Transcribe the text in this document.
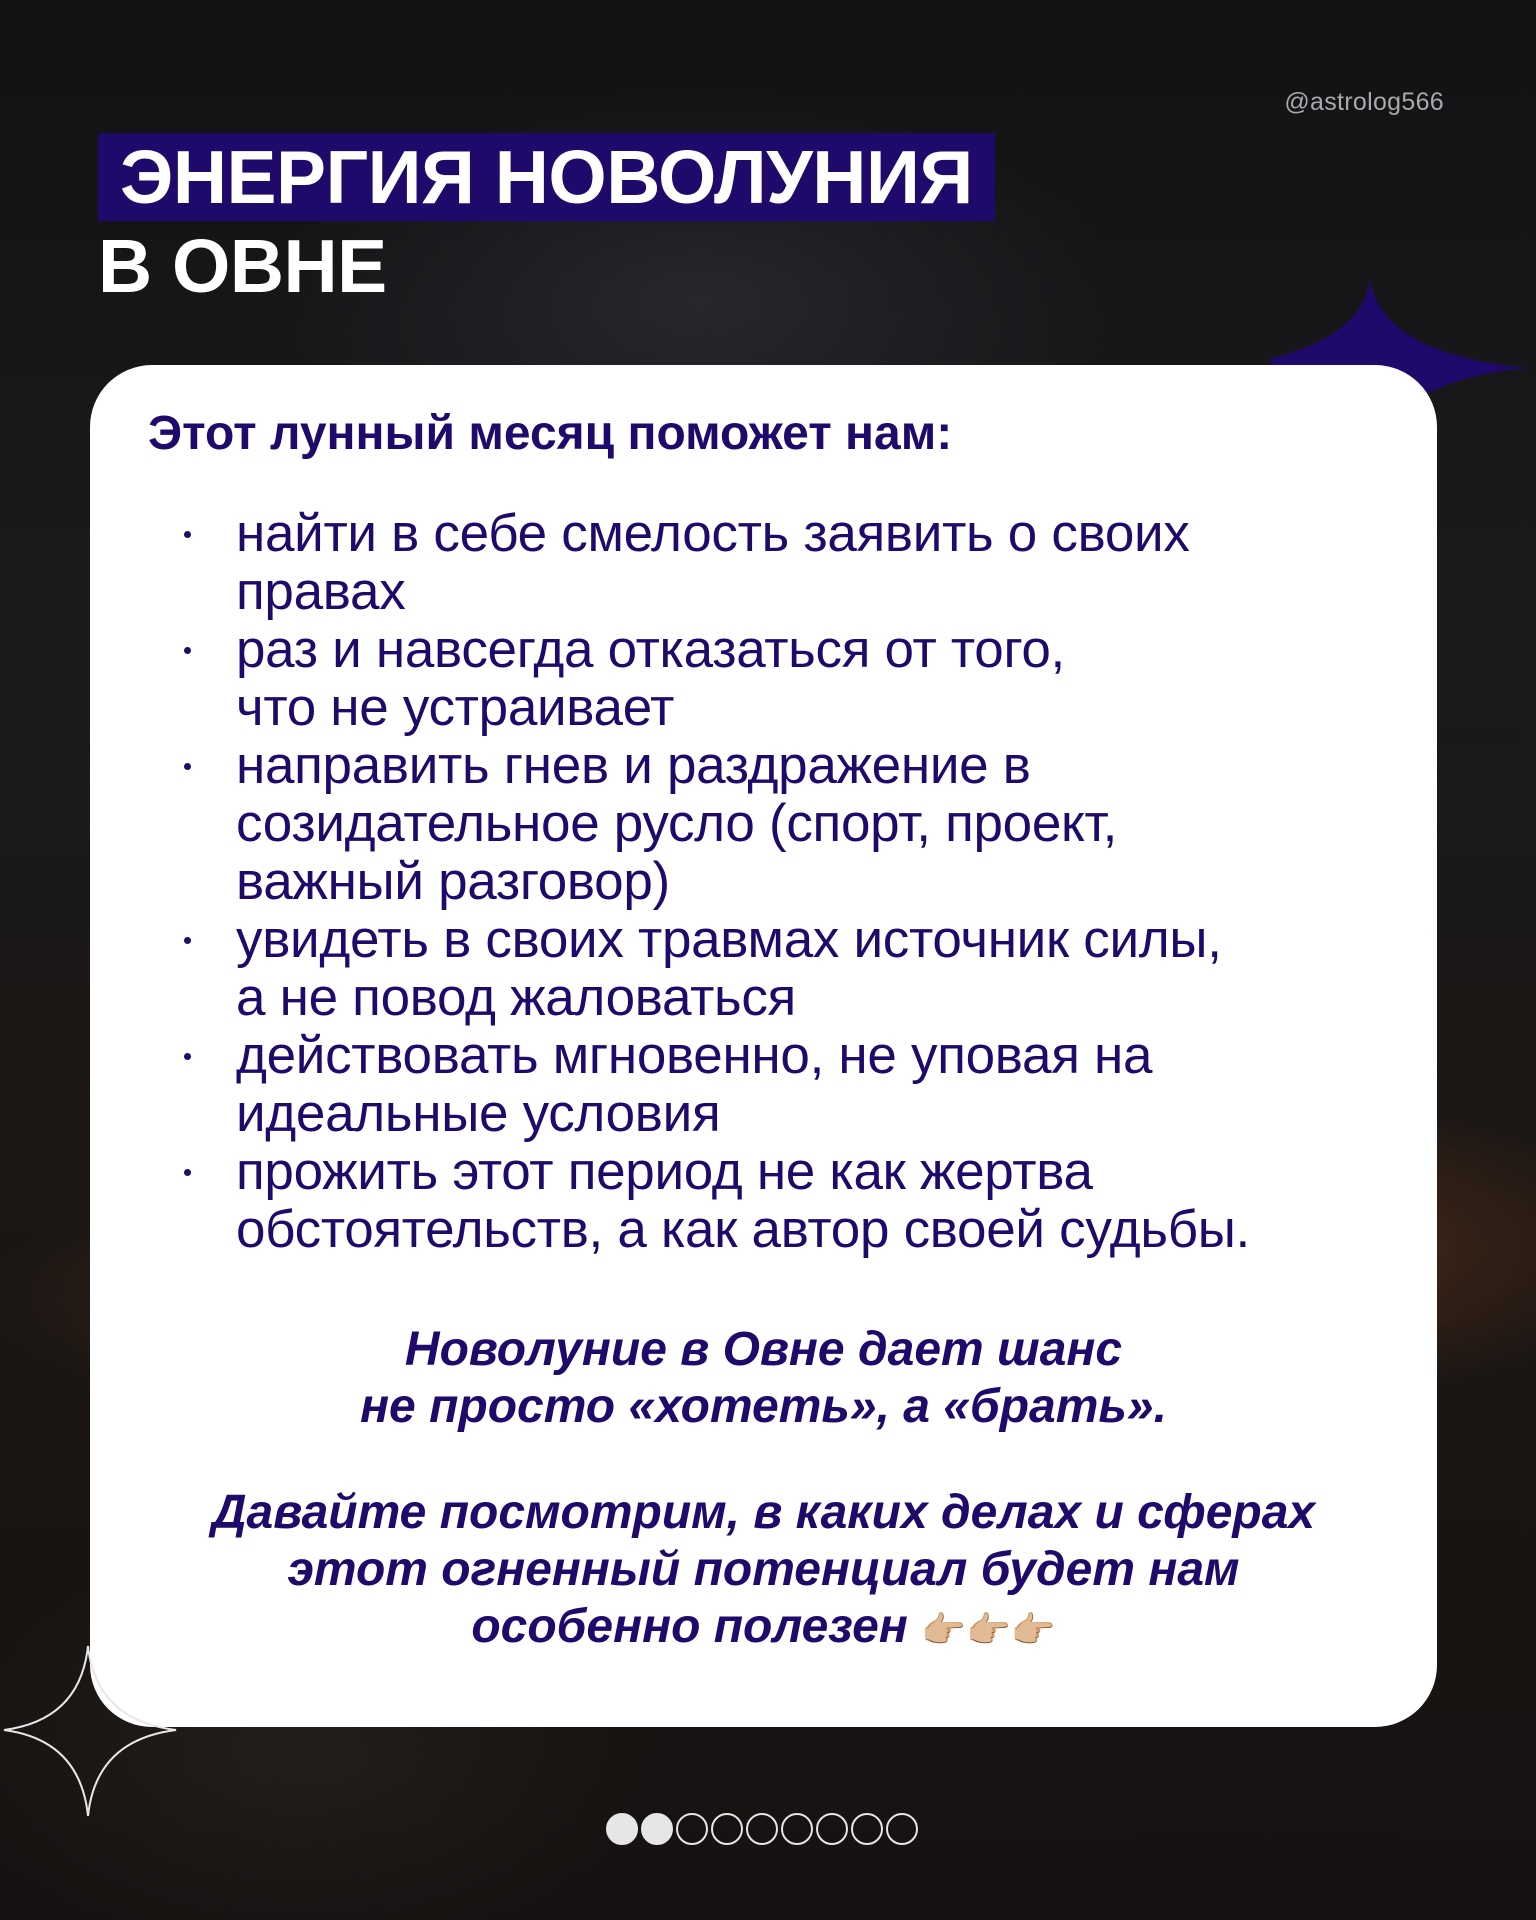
@astrolog566
ЭНЕРГИЯ НОВОЛУНИЯ
В ОВНЕ
Этот лунный месяц поможет нам:
найти в себе смелость заявить о своих
правах
раз и навсегда отказаться от того,
что не устраивает
направить гнев и раздражение в
созидательное русло (спорт, проект,
важный разговор)
увидеть в своих травмах источник силы,
а не повод жаловаться
действовать мгновенно, не уповая на
идеальные условия
прожить этот период не как жертва
обстоятельств, а как автор своей судьбы.
Новолуние в Овне дает шанс
не просто «хотеть», а «брать».
Давайте посмотрим, в каких делах и сферах
этот огненный потенциал будет нам
особенно полезен 👉🏼👉🏼👉🏼
